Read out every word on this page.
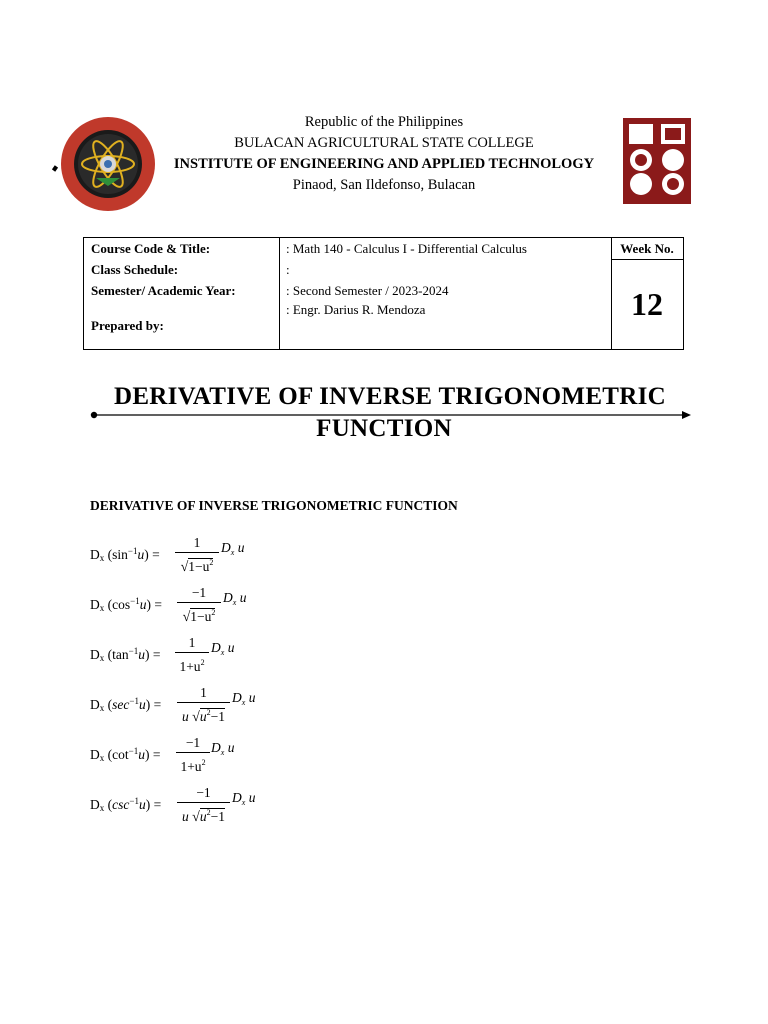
Republic of the Philippines
BULACAN AGRICULTURAL STATE COLLEGE
INSTITUTE OF ENGINEERING AND APPLIED TECHNOLOGY
Pinaod, San Ildefonso, Bulacan
Course Code & Title:
Class Schedule:
Semester/ Academic Year:
Prepared by:
: Math 140 - Calculus I - Differential Calculus
:
: Second Semester / 2023-2024
: Engr. Darius R. Mendoza
Week No.
12
DERIVATIVE OF INVERSE TRIGONOMETRIC
FUNCTION
DERIVATIVE OF INVERSE TRIGONOMETRIC FUNCTION
$D_x$ $(\sin^{-1}u)$ =
1
$√1-u^2$
$D_x$ u
$D_x$ $(\cos^{-1}u)$ =
−1
$√1-u^2$
$D_x$ u
$D_x$ $(\tan^{-1}u)$ =
1
$1+u^2$
$D_x$ u
$D_x$ $(\sec^{-1}u)$ =
1
u $√u^2-1$
$D_x$ u
$D_x$ $(\cot^{-1}u)$ =
−1
$1+u^2$
$D_x$ u
$D_x$ $(\csc^{-1}u)$ =
−1
u $√u^2-1$
$D_x$ u
